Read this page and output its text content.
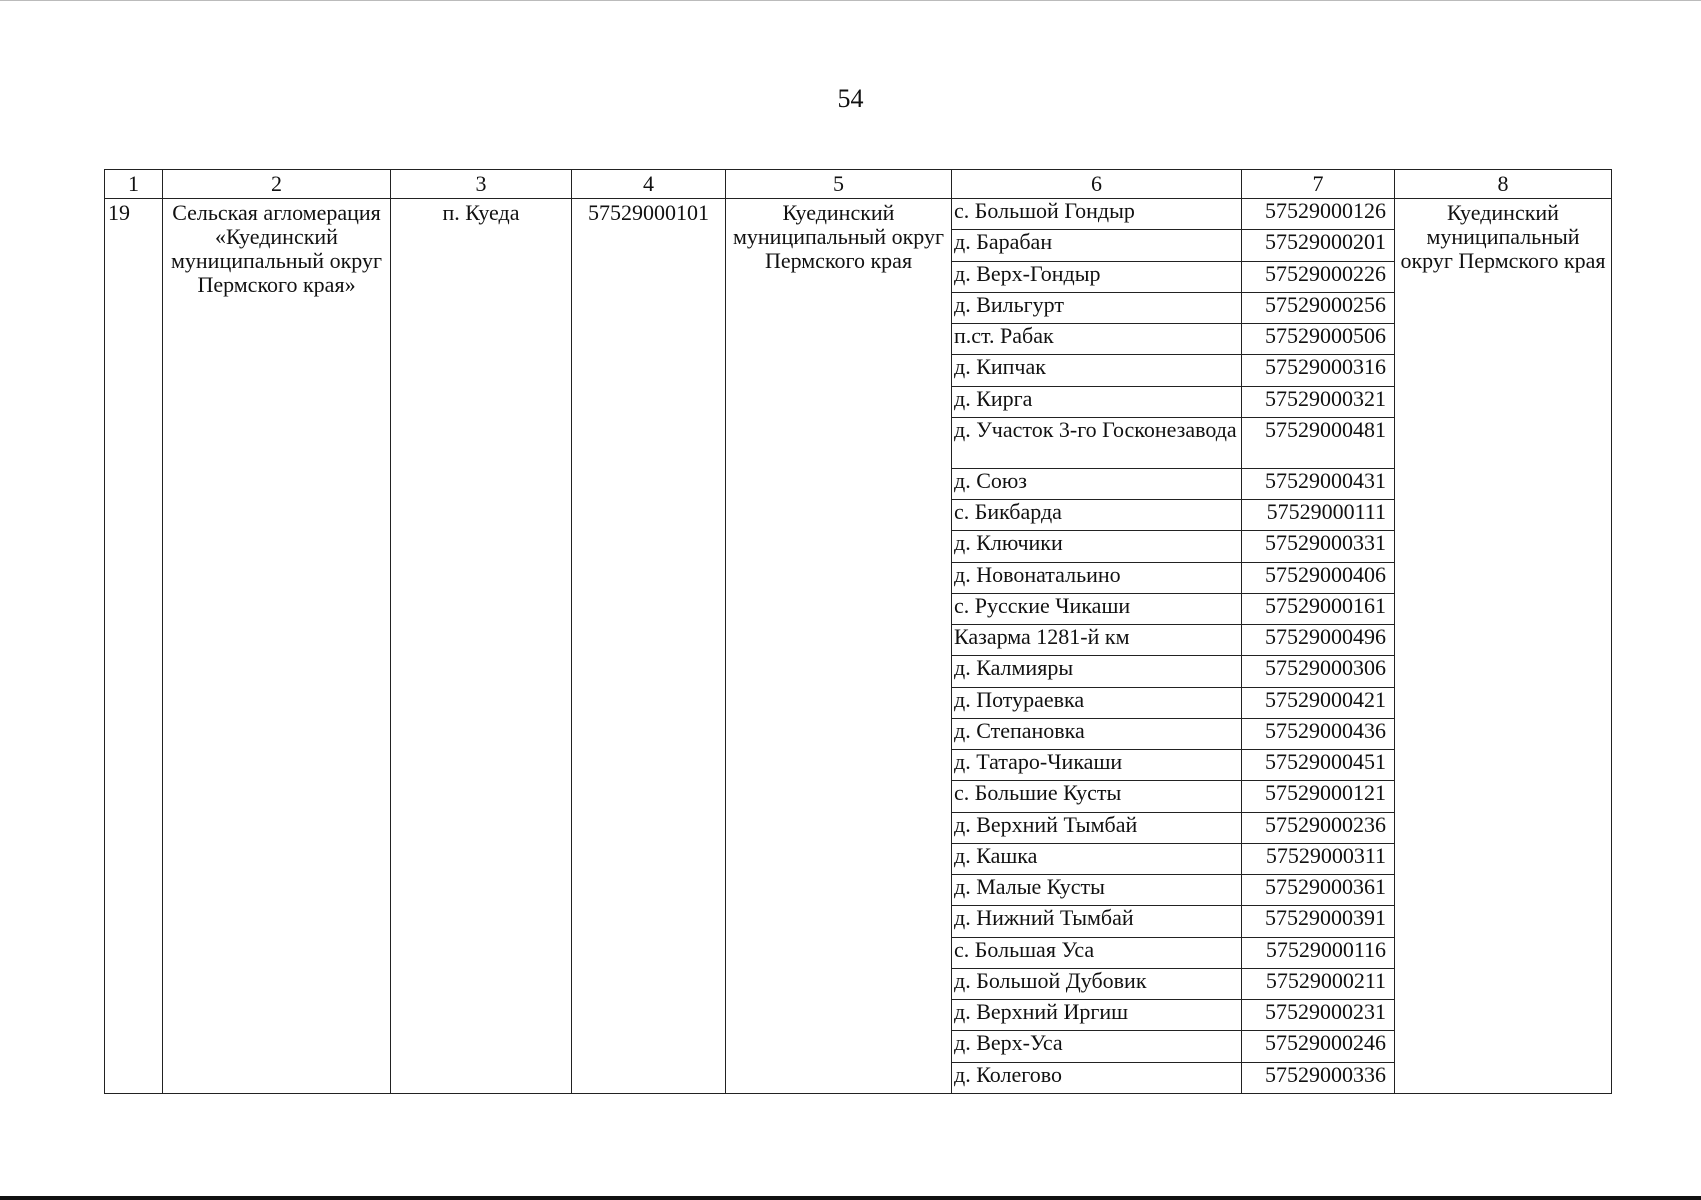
54
1	2	3	4	5	6	7	8
19	Сельская агломерация «Куединский муниципальный округ Пермского края»	п. Куеда	57529000101	Куединский муниципальный округ Пермского края	с. Большой Гондыр	57529000126	Куединский муниципальный округ Пермского края
					д. Барабан	57529000201	
					д. Верх-Гондыр	57529000226	
					д. Вильгурт	57529000256	
					п.ст. Рабак	57529000506	
					д. Кипчак	57529000316	
					д. Кирга	57529000321	
					д. Участок 3-го Госконезавода	57529000481	
					д. Союз	57529000431	
					с. Бикбарда	57529000111	
					д. Ключики	57529000331	
					д. Новонатальино	57529000406	
					с. Русские Чикаши	57529000161	
					Казарма 1281-й км	57529000496	
					д. Калмияры	57529000306	
					д. Потураевка	57529000421	
					д. Степановка	57529000436	
					д. Татаро-Чикаши	57529000451	
					с. Большие Кусты	57529000121	
					д. Верхний Тымбай	57529000236	
					д. Кашка	57529000311	
					д. Малые Кусты	57529000361	
					д. Нижний Тымбай	57529000391	
					с. Большая Уса	57529000116	
					д. Большой Дубовик	57529000211	
					д. Верхний Иргиш	57529000231	
					д. Верх-Уса	57529000246	
					д. Колегово	57529000336	
